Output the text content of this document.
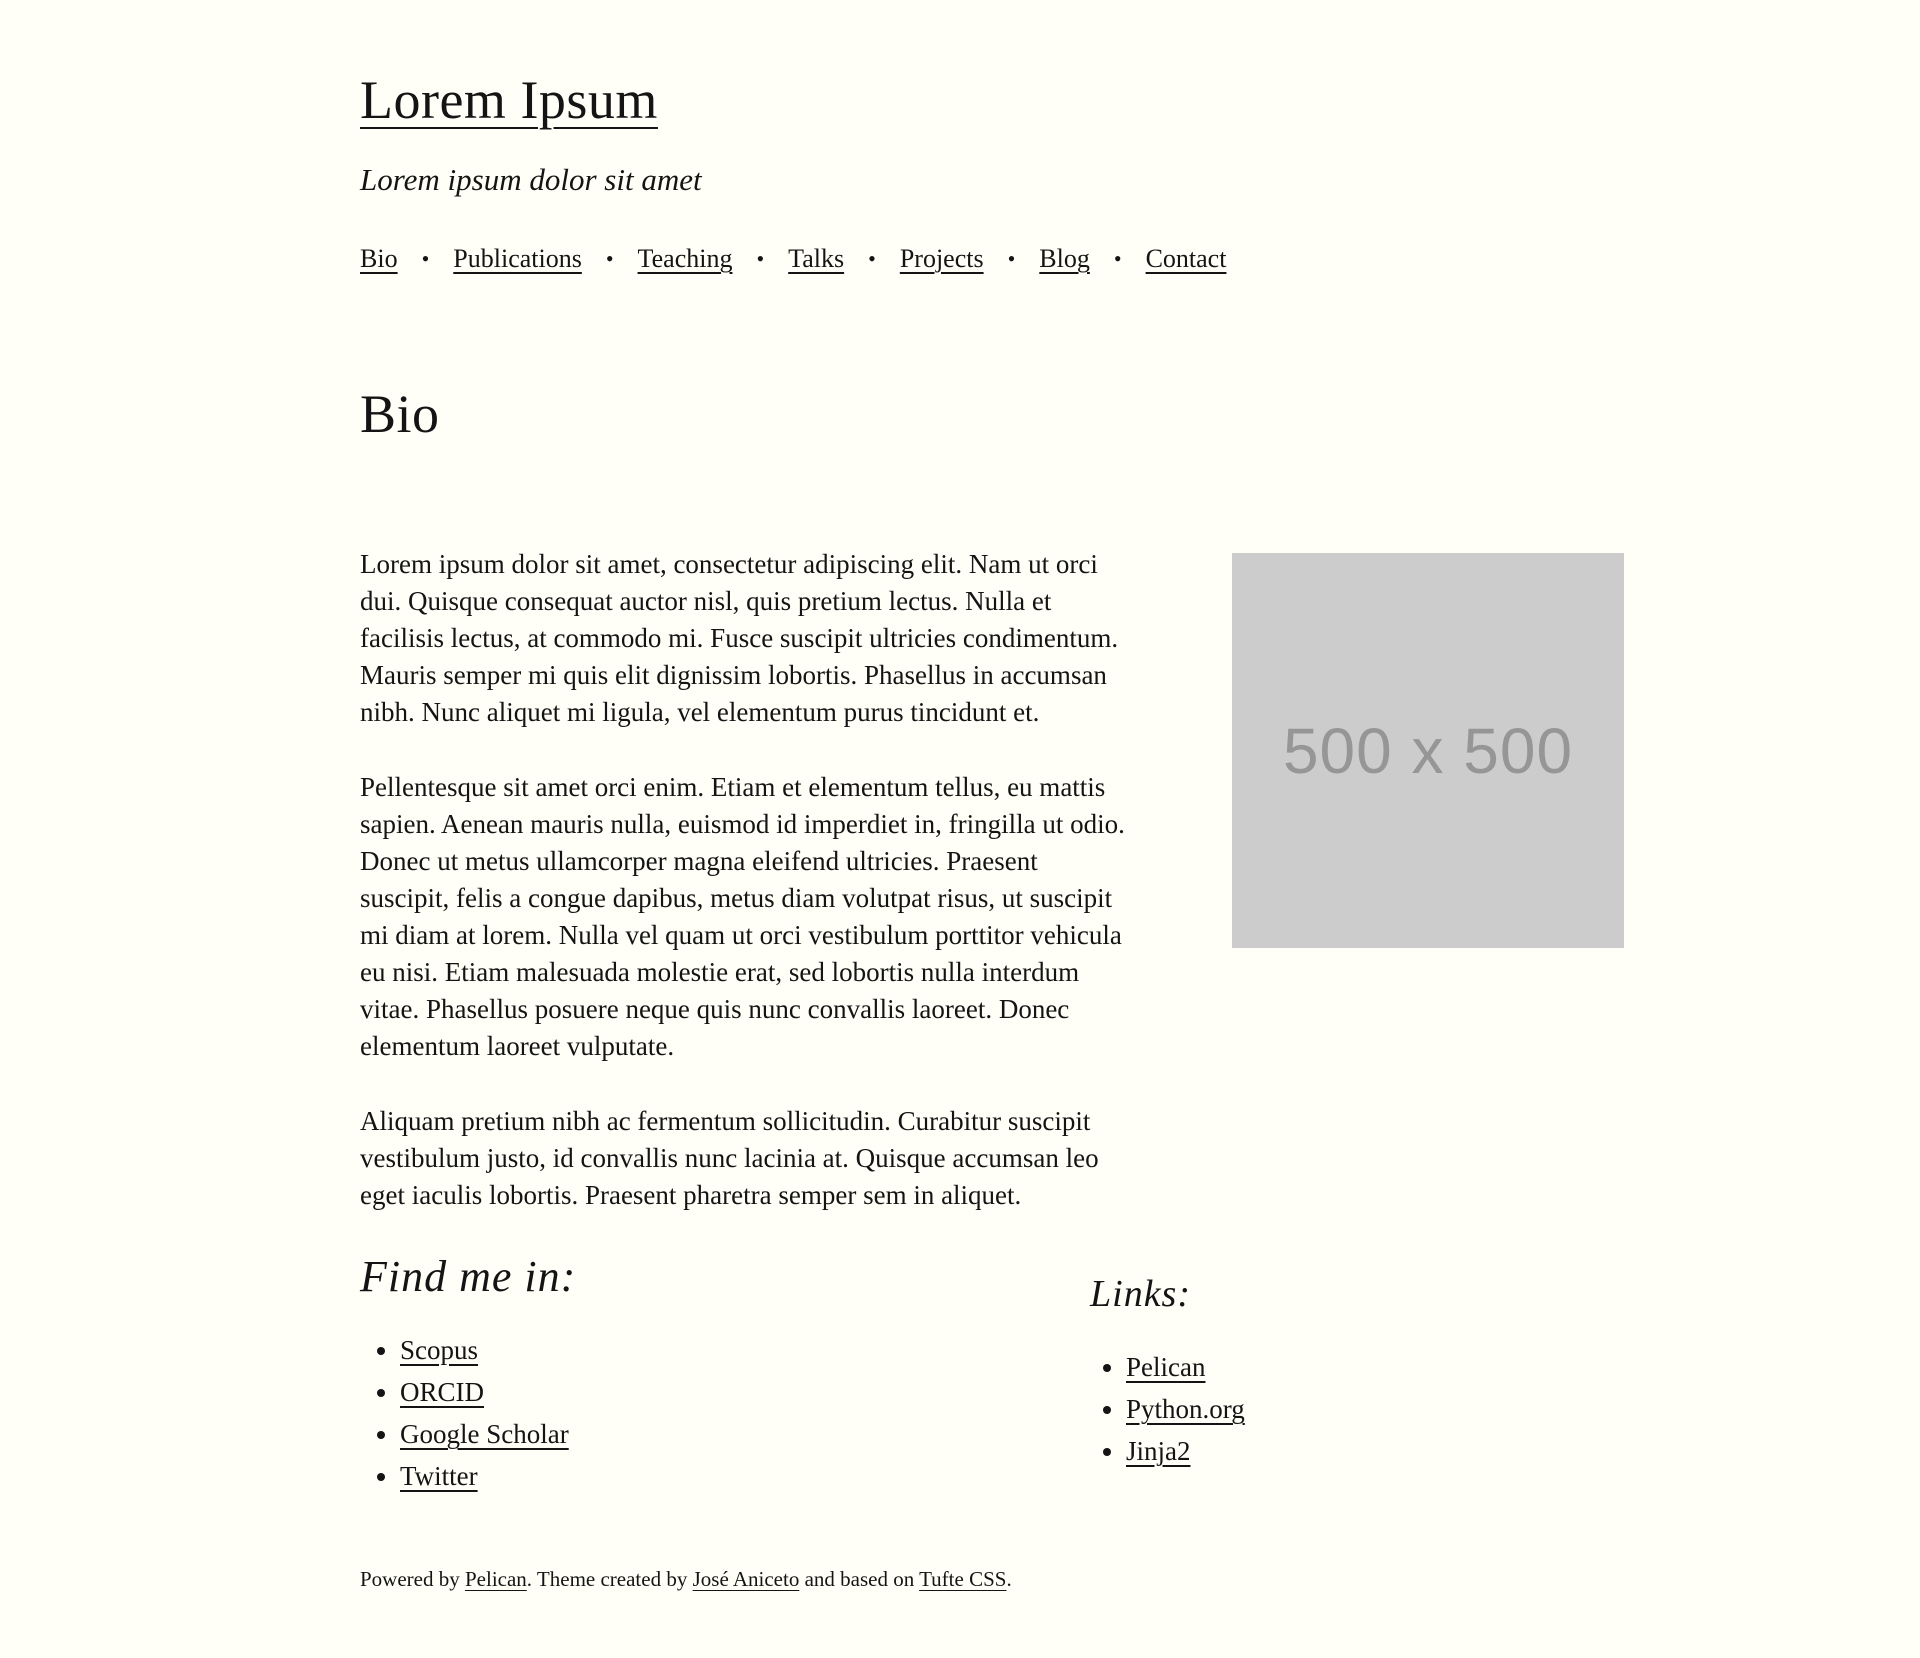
Lorem Ipsum

Lorem ipsum dolor sit amet

Bio • Publications • Teaching • Talks • Projects • Blog • Contact
Bio

Lorem ipsum dolor sit amet, consectetur adipiscing elit. Nam ut orci dui. Quisque consequat auctor nisl, quis pretium lectus. Nulla et facilisis lectus, at commodo mi. Fusce suscipit ultricies condimentum. Mauris semper mi quis elit dignissim lobortis. Phasellus in accumsan nibh. Nunc aliquet mi ligula, vel elementum purus tincidunt et.

Pellentesque sit amet orci enim. Etiam et elementum tellus, eu mattis sapien. Aenean mauris nulla, euismod id imperdiet in, fringilla ut odio. Donec ut metus ullamcorper magna eleifend ultricies. Praesent suscipit, felis a congue dapibus, metus diam volutpat risus, ut suscipit mi diam at lorem. Nulla vel quam ut orci vestibulum porttitor vehicula eu nisi. Etiam malesuada molestie erat, sed lobortis nulla interdum vitae. Phasellus posuere neque quis nunc convallis laoreet. Donec elementum laoreet vulputate.

Aliquam pretium nibh ac fermentum sollicitudin. Curabitur suscipit vestibulum justo, id convallis nunc lacinia at. Quisque accumsan leo eget iaculis lobortis. Praesent pharetra semper sem in aliquet.

500 x 500
Find me in:
• Scopus
• ORCID
• Google Scholar
• Twitter
Links:
• Pelican
• Python.org
• Jinja2
Powered by Pelican. Theme created by José Aniceto and based on Tufte CSS.
